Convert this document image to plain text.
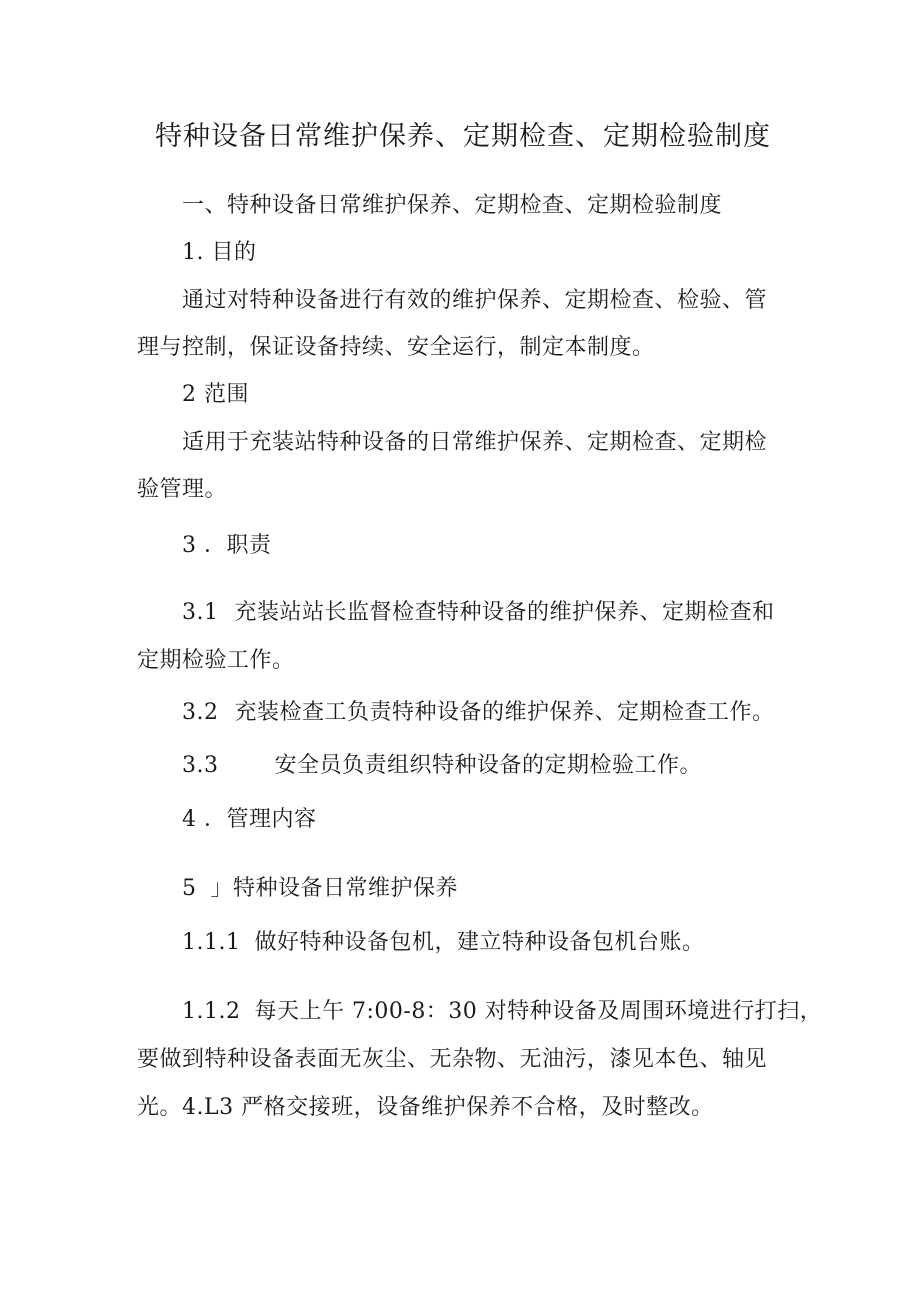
特种设备日常维护保养、定期检查、定期检验制度
一、特种设备日常维护保养、定期检查、定期检验制度
1. 目的
通过对特种设备进行有效的维护保养、定期检查、检验、管
理与控制，保证设备持续、安全运行，制定本制度。
2 范围
适用于充装站特种设备的日常维护保养、定期检查、定期检
验管理。
3 ．职责
3.1 充装站站长监督检查特种设备的维护保养、定期检查和
定期检验工作。
3.2 充装检查工负责特种设备的维护保养、定期检查工作。
3.3	安全员负责组织特种设备的定期检验工作。
4 ．管理内容
5 」特种设备日常维护保养
1.1.1 做好特种设备包机，建立特种设备包机台账。
1.1.2 每天上午 7:00-8：30 对特种设备及周围环境进行打扫，
要做到特种设备表面无灰尘、无杂物、无油污，漆见本色、轴见
光。4.L3 严格交接班，设备维护保养不合格，及时整改。
